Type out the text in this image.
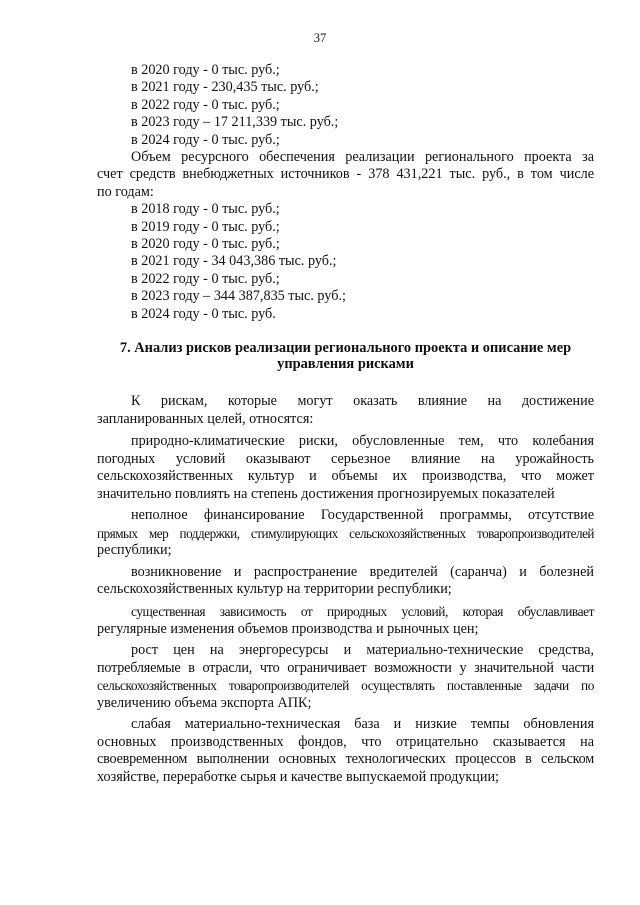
37
в 2020 году - 0 тыс. руб.;
в 2021 году - 230,435 тыс. руб.;
в 2022 году - 0 тыс. руб.;
в 2023 году – 17 211,339 тыс. руб.;
в 2024 году - 0 тыс. руб.;
Объем ресурсного обеспечения реализации регионального проекта за
счет средств внебюджетных источников - 378 431,221 тыс. руб., в том числе
по годам:
в 2018 году - 0 тыс. руб.;
в 2019 году - 0 тыс. руб.;
в 2020 году - 0 тыс. руб.;
в 2021 году - 34 043,386 тыс. руб.;
в 2022 году - 0 тыс. руб.;
в 2023 году – 344 387,835 тыс. руб.;
в 2024 году - 0 тыс. руб.
7. Анализ рисков реализации регионального проекта и описание мер
управления рисками
К рискам, которые могут оказать влияние на достижение
запланированных целей, относятся:
природно-климатические риски, обусловленные тем, что колебания
погодных условий оказывают серьезное влияние на урожайность
сельскохозяйственных культур и объемы их производства, что может
значительно повлиять на степень достижения прогнозируемых показателей
неполное финансирование Государственной программы, отсутствие
прямых мер поддержки, стимулирующих сельскохозяйственных товаропроизводителей
республики;
возникновение и распространение вредителей (саранча) и болезней
сельскохозяйственных культур на территории республики;
существенная зависимость от природных условий, которая обуславливает
регулярные изменения объемов производства и рыночных цен;
рост цен на энергоресурсы и материально-технические средства,
потребляемые в отрасли, что ограничивает возможности у значительной части
сельскохозяйственных товаропроизводителей осуществлять поставленные задачи по
увеличению объема экспорта АПК;
слабая материально-техническая база и низкие темпы обновления
основных производственных фондов, что отрицательно сказывается на
своевременном выполнении основных технологических процессов в сельском
хозяйстве, переработке сырья и качестве выпускаемой продукции;
